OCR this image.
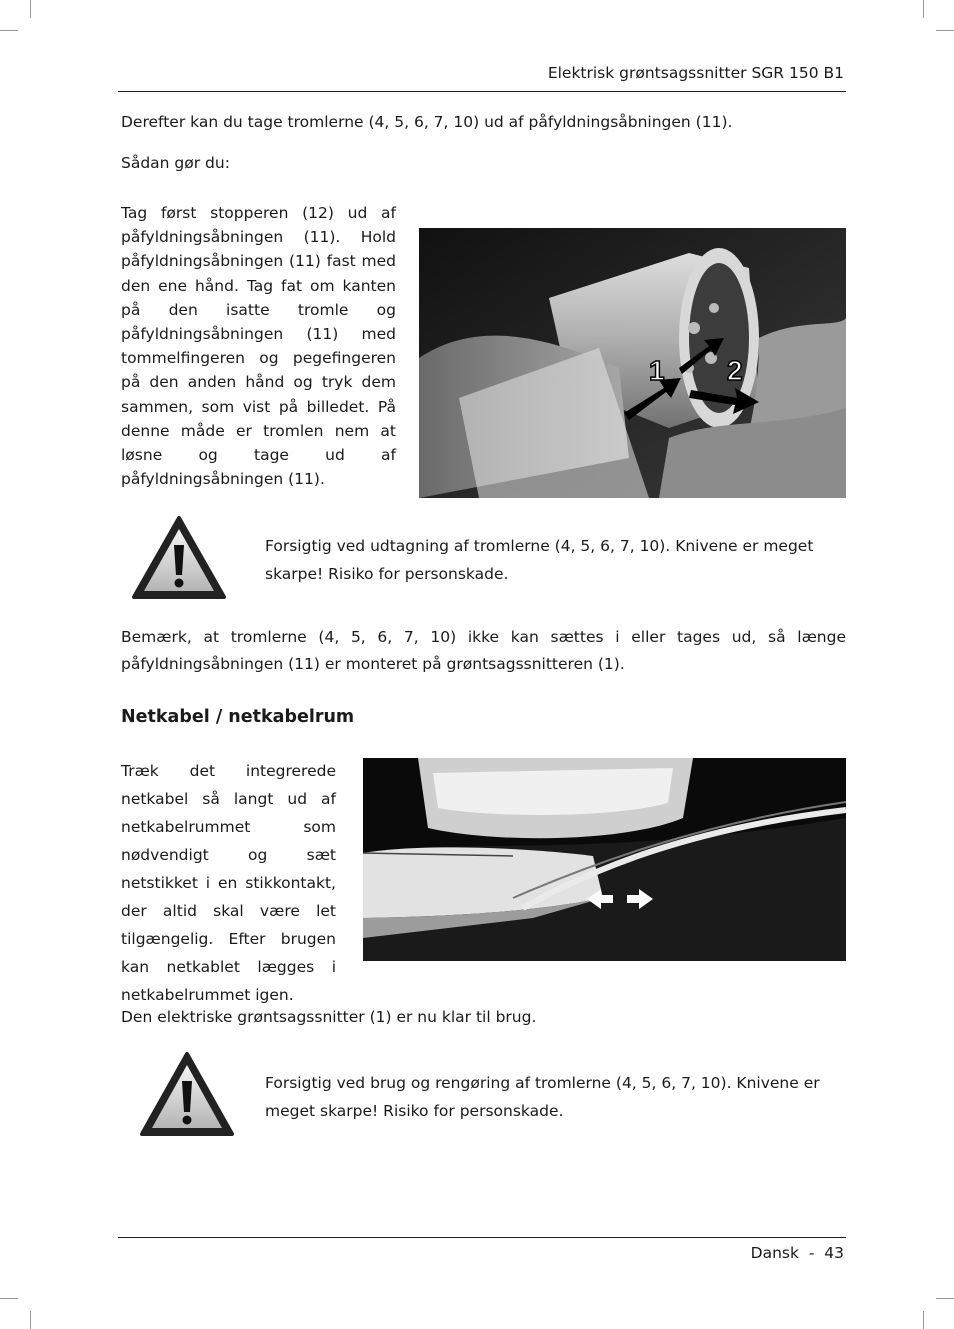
Elektrisk grøntsagssnitter SGR 150 B1

Derefter kan du tage tromlerne (4, 5, 6, 7, 10) ud af påfyldningsåbningen (11).

Sådan gør du:

Tag først stopperen (12) ud af påfyldningsåbningen (11). Hold påfyldningsåbningen (11) fast med den ene hånd. Tag fat om kanten på den isatte tromle og påfyldningsåbningen (11) med tommelfingeren og pegefingeren på den anden hånd og tryk dem sammen, som vist på billedet. På denne måde er tromlen nem at løsne og tage ud af påfyldningsåbningen (11).

1 2

Forsigtig ved udtagning af tromlerne (4, 5, 6, 7, 10). Knivene er meget skarpe! Risiko for personskade.

Bemærk, at tromlerne (4, 5, 6, 7, 10) ikke kan sættes i eller tages ud, så længe påfyldningsåbningen (11) er monteret på grøntsagssnitteren (1).

Netkabel / netkabelrum

Træk det integrerede netkabel så langt ud af netkabelrummet som nødvendigt og sæt netstikket i en stikkontakt, der altid skal være let tilgængelig. Efter brugen kan netkablet lægges i netkabelrummet igen.

Den elektriske grøntsagssnitter (1) er nu klar til brug.

Forsigtig ved brug og rengøring af tromlerne (4, 5, 6, 7, 10). Knivene er meget skarpe! Risiko for personskade.

Dansk  -  43
